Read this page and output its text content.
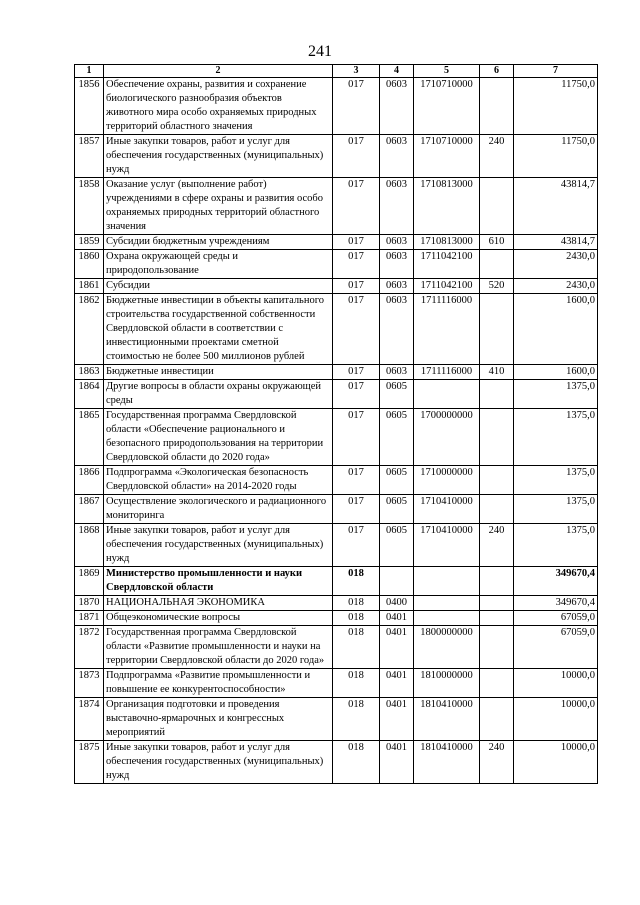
241
1	2	3	4	5	6	7
1856	Обеспечение охраны, развития и сохранение биологического разнообразия объектов животного мира особо охраняемых природных территорий областного значения	017	0603	1710710000		11750,0
1857	Иные закупки товаров, работ и услуг для обеспечения государственных (муниципальных) нужд	017	0603	1710710000	240	11750,0
1858	Оказание услуг (выполнение работ) учреждениями в сфере охраны и развития особо охраняемых природных территорий областного значения	017	0603	1710813000		43814,7
1859	Субсидии бюджетным учреждениям	017	0603	1710813000	610	43814,7
1860	Охрана окружающей среды и природопользование	017	0603	1711042100		2430,0
1861	Субсидии	017	0603	1711042100	520	2430,0
1862	Бюджетные инвестиции в объекты капитального строительства государственной собственности Свердловской области в соответствии с инвестиционными проектами сметной стоимостью не более 500 миллионов рублей	017	0603	1711116000		1600,0
1863	Бюджетные инвестиции	017	0603	1711116000	410	1600,0
1864	Другие вопросы в области охраны окружающей среды	017	0605			1375,0
1865	Государственная программа Свердловской области «Обеспечение рационального и безопасного природопользования на территории Свердловской области до 2020 года»	017	0605	1700000000		1375,0
1866	Подпрограмма «Экологическая безопасность Свердловской области» на 2014-2020 годы	017	0605	1710000000		1375,0
1867	Осуществление экологического и радиационного мониторинга	017	0605	1710410000		1375,0
1868	Иные закупки товаров, работ и услуг для обеспечения государственных (муниципальных) нужд	017	0605	1710410000	240	1375,0
1869	Министерство промышленности и науки Свердловской области	018				349670,4
1870	НАЦИОНАЛЬНАЯ ЭКОНОМИКА	018	0400			349670,4
1871	Общеэкономические вопросы	018	0401			67059,0
1872	Государственная программа Свердловской области «Развитие промышленности и науки на территории Свердловской области до 2020 года»	018	0401	1800000000		67059,0
1873	Подпрограмма «Развитие промышленности и повышение ее конкурентоспособности»	018	0401	1810000000		10000,0
1874	Организация подготовки и проведения выставочно-ярмарочных и конгрессных мероприятий	018	0401	1810410000		10000,0
1875	Иные закупки товаров, работ и услуг для обеспечения государственных (муниципальных) нужд	018	0401	1810410000	240	10000,0
